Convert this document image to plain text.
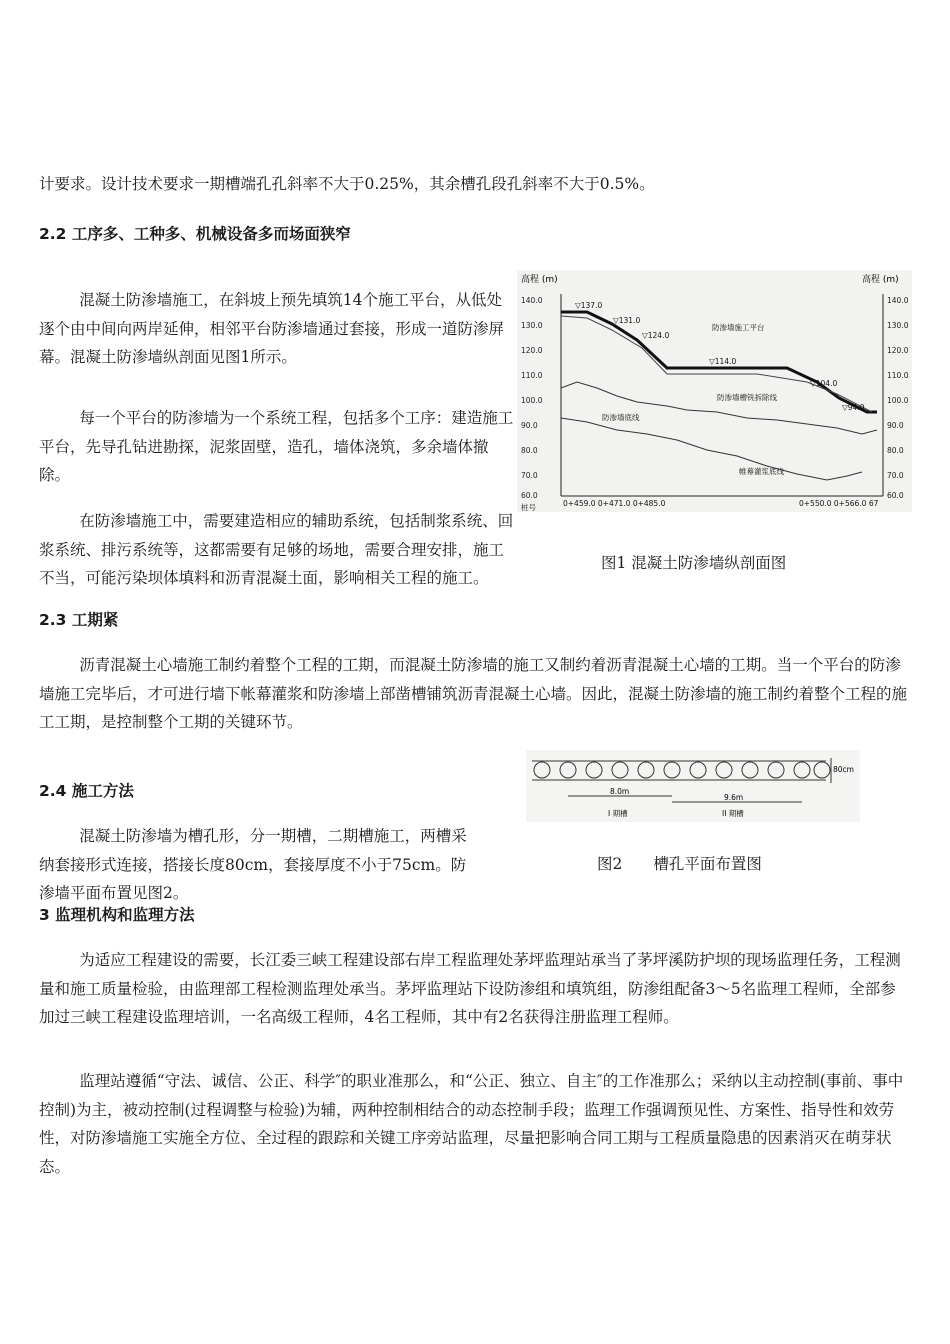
计要求。设计技术要求一期槽端孔孔斜率不大于0.25%，其余槽孔段孔斜率不大于0.5%。

2.2 工序多、工种多、机械设备多而场面狭窄

混凝土防渗墙施工，在斜坡上预先填筑14个施工平台，从低处逐个由中间向两岸延伸，相邻平台防渗墙通过套接，形成一道防渗屏幕。混凝土防渗墙纵剖面见图1所示。

每一个平台的防渗墙为一个系统工程，包括多个工序：建造施工平台，先导孔钻进勘探，泥浆固壁，造孔，墙体浇筑，多余墙体撤除。

在防渗墙施工中，需要建造相应的辅助系统，包括制浆系统、回浆系统、排污系统等，这都需要有足够的场地，需要合理安排，施工不当，可能污染坝体填料和沥青混凝土面，影响相关工程的施工。

高程 (m)	高程 (m)
140.0
130.0
120.0
110.0
100.0
90.0
80.0
70.0
60.0
140.0
130.0
120.0
110.0
100.0
90.0
80.0
70.0
60.0
▽137.0
▽131.0
▽124.0
▽114.0
▽104.0
▽94.0
防渗墙施工平台
防渗墙槽铣拆除线
防渗墙底线
帷幕灌浆底线
桩号	0+459.0 0+471.0 0+485.0	0+550.0 0+566.0 67

图1 混凝土防渗墙纵剖面图

2.3 工期紧

沥青混凝土心墙施工制约着整个工程的工期，而混凝土防渗墙的施工又制约着沥青混凝土心墙的工期。当一个平台的防渗墙施工完毕后，才可进行墙下帐幕灌浆和防渗墙上部凿槽铺筑沥青混凝土心墙。因此，混凝土防渗墙的施工制约着整个工程的施工工期，是控制整个工期的关键环节。

80cm
8.0m
9.6m
I 期槽	II 期槽

图2　　槽孔平面布置图

2.4 施工方法

混凝土防渗墙为槽孔形，分一期槽，二期槽施工，两槽采纳套接形式连接，搭接长度80cm，套接厚度不小于75cm。防渗墙平面布置见图2。

3 监理机构和监理方法

为适应工程建设的需要，长江委三峡工程建设部右岸工程监理处茅坪监理站承当了茅坪溪防护坝的现场监理任务，工程测量和施工质量检验，由监理部工程检测监理处承当。茅坪监理站下设防渗组和填筑组，防渗组配备3～5名监理工程师，全部参加过三峡工程建设监理培训，一名高级工程师，4名工程师，其中有2名获得注册监理工程师。

监理站遵循“守法、诚信、公正、科学″的职业准那么，和“公正、独立、自主″的工作准那么；采纳以主动控制(事前、事中控制)为主，被动控制(过程调整与检验)为辅，两种控制相结合的动态控制手段；监理工作强调预见性、方案性、指导性和效劳性，对防渗墙施工实施全方位、全过程的跟踪和关键工序旁站监理，尽量把影响合同工期与工程质量隐患的因素消灭在萌芽状态。
